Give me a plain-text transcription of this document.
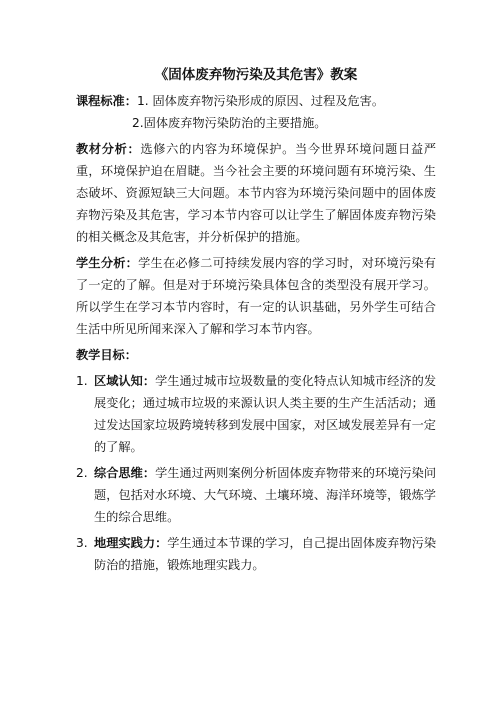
《固体废弃物污染及其危害》教案
课程标准：1. 固体废弃物污染形成的原因、过程及危害。
2.固体废弃物污染防治的主要措施。

教材分析：选修六的内容为环境保护。当今世界环境问题日益严重，环境保护迫在眉睫。当今社会主要的环境问题有环境污染、生态破坏、资源短缺三大问题。本节内容为环境污染问题中的固体废弃物污染及其危害，学习本节内容可以让学生了解固体废弃物污染的相关概念及其危害，并分析保护的措施。

学生分析：学生在必修二可持续发展内容的学习时，对环境污染有了一定的了解。但是对于环境污染具体包含的类型没有展开学习。所以学生在学习本节内容时，有一定的认识基础，另外学生可结合生活中所见所闻来深入了解和学习本节内容。

教学目标：
1. 区域认知：学生通过城市垃圾数量的变化特点认知城市经济的发展变化；通过城市垃圾的来源认识人类主要的生产生活活动；通过发达国家垃圾跨境转移到发展中国家，对区域发展差异有一定的了解。
2. 综合思维：学生通过两则案例分析固体废弃物带来的环境污染问题，包括对水环境、大气环境、土壤环境、海洋环境等，锻炼学生的综合思维。
3. 地理实践力：学生通过本节课的学习，自己提出固体废弃物污染防治的措施，锻炼地理实践力。
